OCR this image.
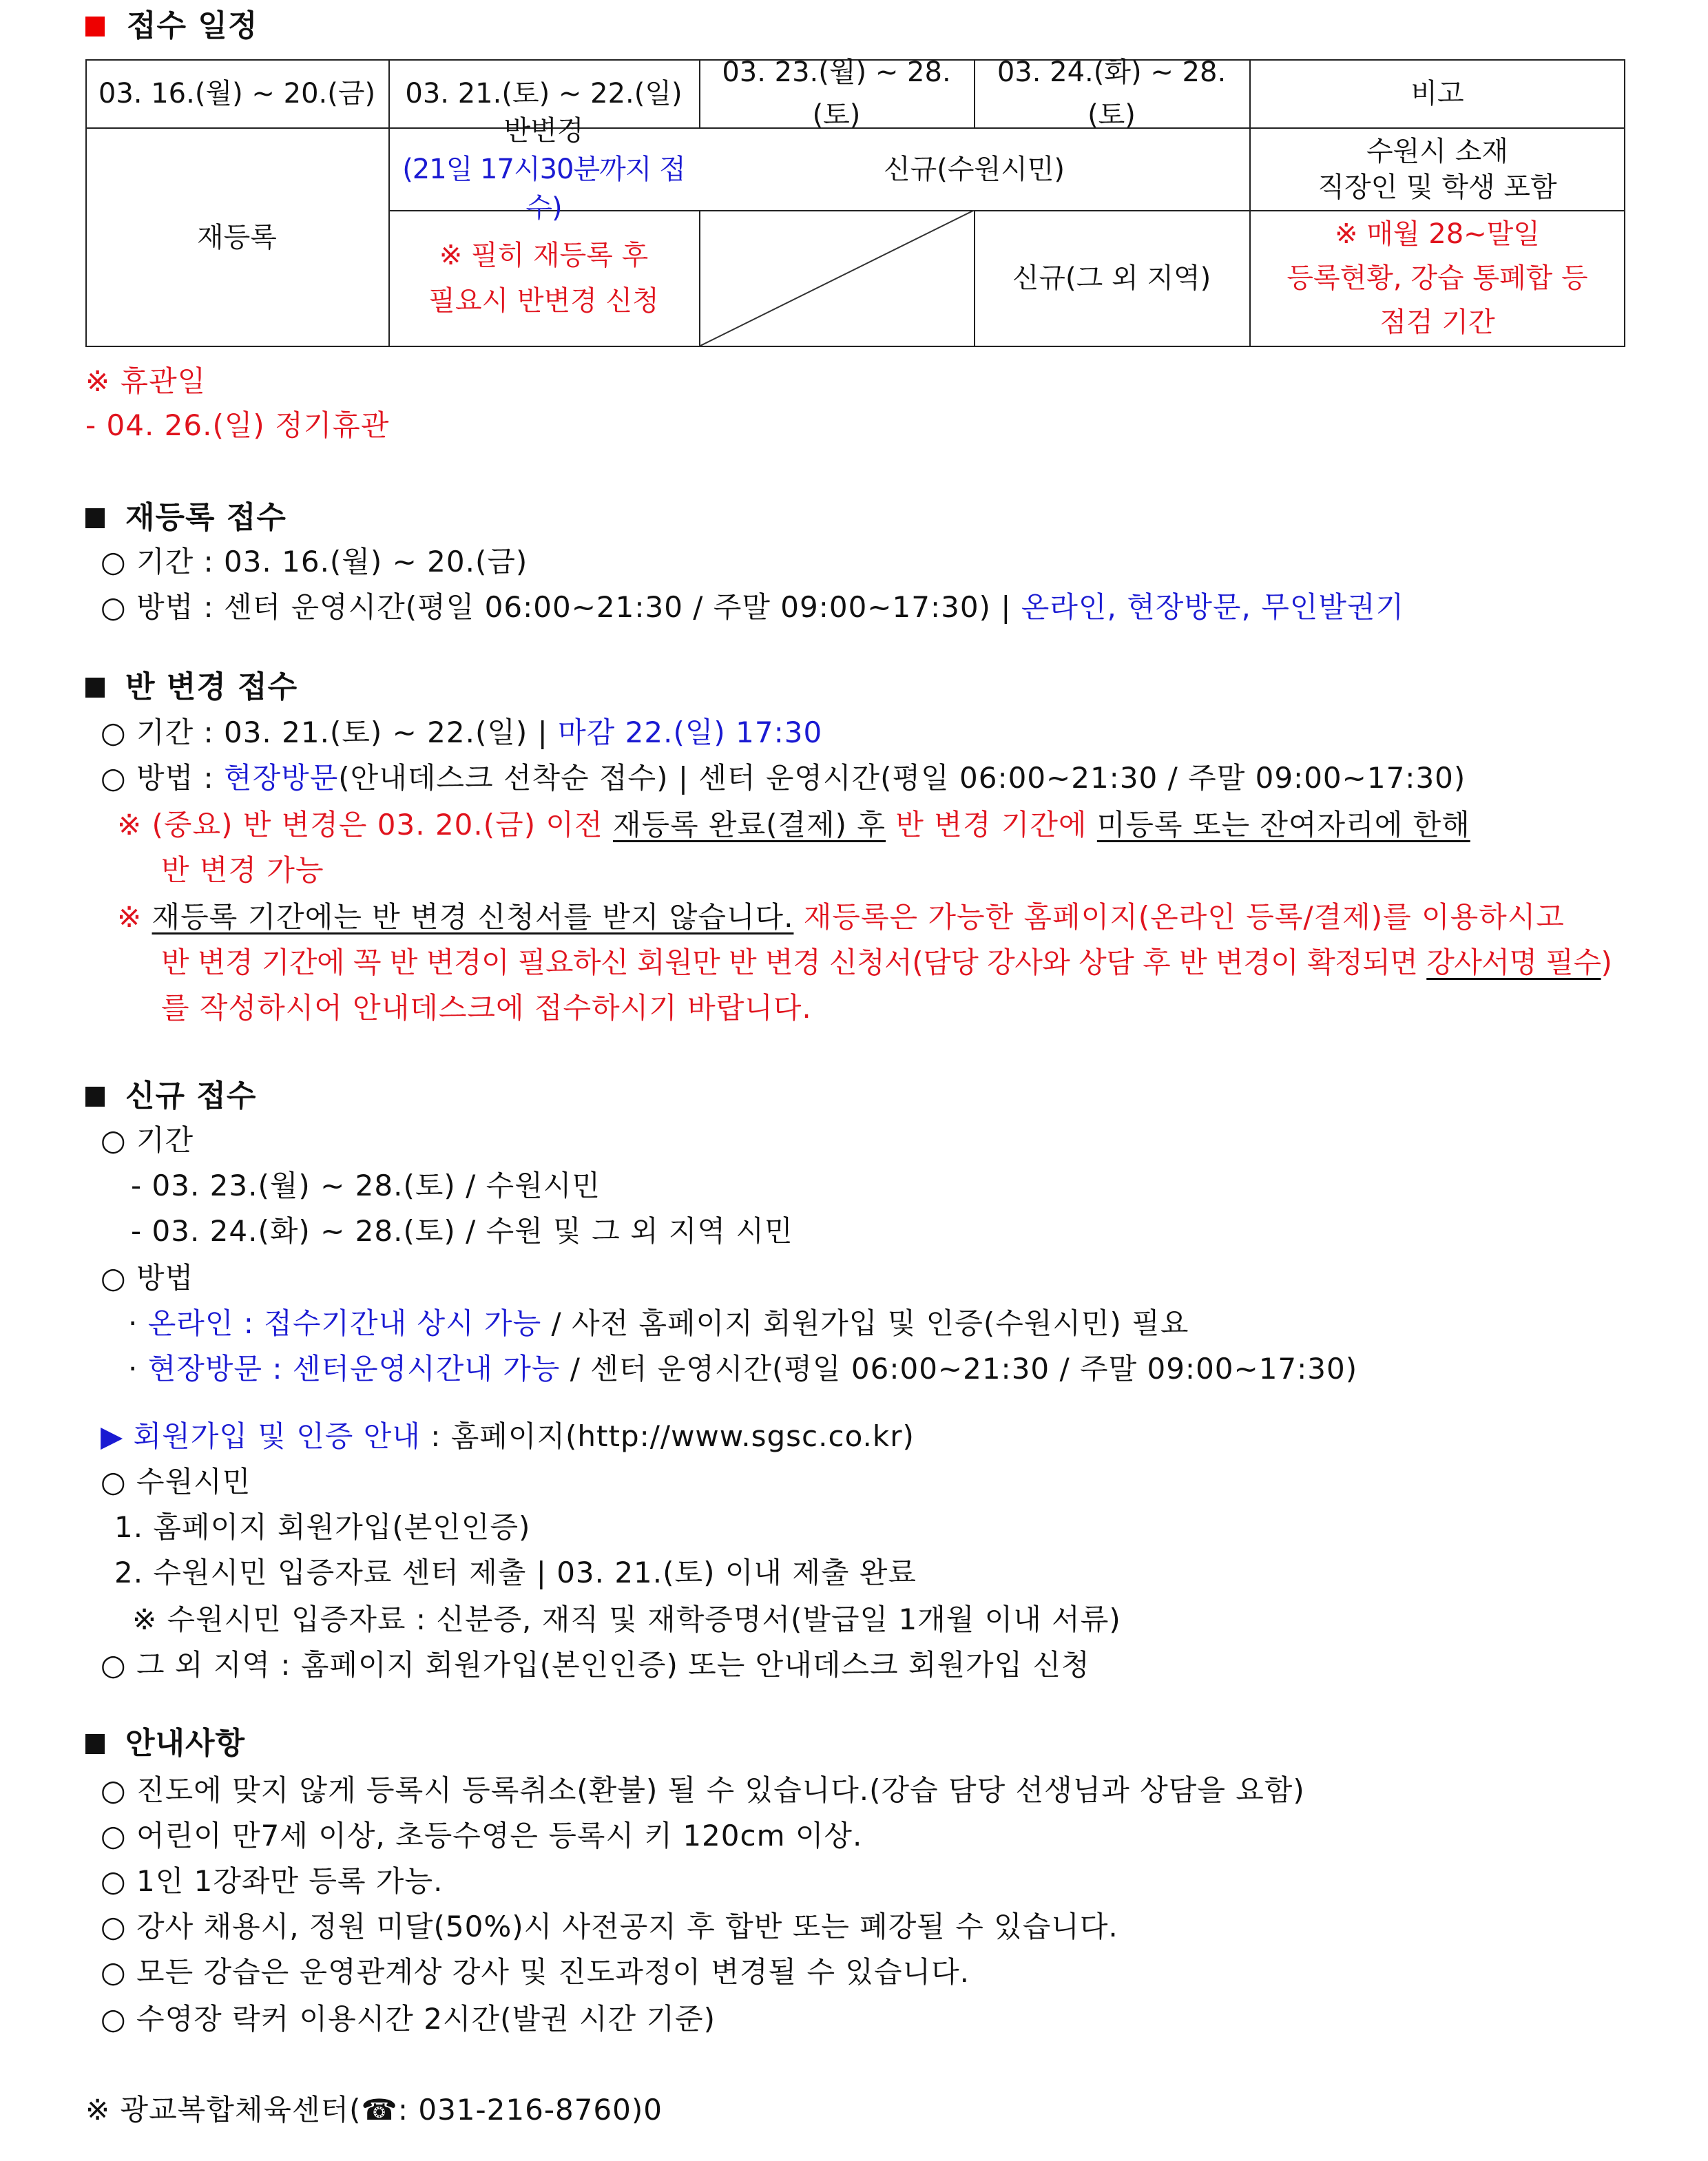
접수 일정
03. 16.(월) ~ 20.(금) 03. 21.(토) ~ 22.(일)
03. 23.(월) ~ 28.(토)
03. 24.(화) ~ 28.(토)
비고
재등록
반변경
(21일 17시30분까지 접수)
※ 필히 재등록 후
필요시 반변경 신청
신규(수원시민)
신규(그 외 지역)
수원시 소재
직장인 및 학생 포함
※ 매월 28~말일
등록현황, 강습 통폐합 등
점검 기간
※ 휴관일
- 04. 26.(일) 정기휴관
재등록 접수
○ 기간 : 03. 16.(월) ~ 20.(금)
○ 방법 : 센터 운영시간(평일 06:00~21:30 / 주말 09:00~17:30) | 온라인, 현장방문, 무인발권기
반 변경 접수
○ 기간 : 03. 21.(토) ~ 22.(일) | 마감 22.(일) 17:30
○ 방법 : 현장방문(안내데스크 선착순 접수) | 센터 운영시간(평일 06:00~21:30 / 주말 09:00~17:30)
※ (중요) 반 변경은 03. 20.(금) 이전 재등록 완료(결제) 후 반 변경 기간에 미등록 또는 잔여자리에 한해
반 변경 가능
※ 재등록 기간에는 반 변경 신청서를 받지 않습니다. 재등록은 가능한 홈페이지(온라인 등록/결제)를 이용하시고
반 변경 기간에 꼭 반 변경이 필요하신 회원만 반 변경 신청서(담당 강사와 상담 후 반 변경이 확정되면 강사서명 필수)
를 작성하시어 안내데스크에 접수하시기 바랍니다.
신규 접수
○ 기간
- 03. 23.(월) ~ 28.(토) / 수원시민
- 03. 24.(화) ~ 28.(토) / 수원 및 그 외 지역 시민
○ 방법
· 온라인 : 접수기간내 상시 가능 / 사전 홈페이지 회원가입 및 인증(수원시민) 필요
· 현장방문 : 센터운영시간내 가능 / 센터 운영시간(평일 06:00~21:30 / 주말 09:00~17:30)
▶ 회원가입 및 인증 안내 : 홈페이지(http://www.sgsc.co.kr)
○ 수원시민
1. 홈페이지 회원가입(본인인증)
2. 수원시민 입증자료 센터 제출 | 03. 21.(토) 이내 제출 완료
※ 수원시민 입증자료 : 신분증, 재직 및 재학증명서(발급일 1개월 이내 서류)
○ 그 외 지역 : 홈페이지 회원가입(본인인증) 또는 안내데스크 회원가입 신청
안내사항
○ 진도에 맞지 않게 등록시 등록취소(환불) 될 수 있습니다.(강습 담당 선생님과 상담을 요함)
○ 어린이 만7세 이상, 초등수영은 등록시 키 120cm 이상.
○ 1인 1강좌만 등록 가능.
○ 강사 채용시, 정원 미달(50%)시 사전공지 후 합반 또는 폐강될 수 있습니다.
○ 모든 강습은 운영관계상 강사 및 진도과정이 변경될 수 있습니다.
○ 수영장 락커 이용시간 2시간(발권 시간 기준)
※ 광교복합체육센터(☎: 031-216-8760)0
